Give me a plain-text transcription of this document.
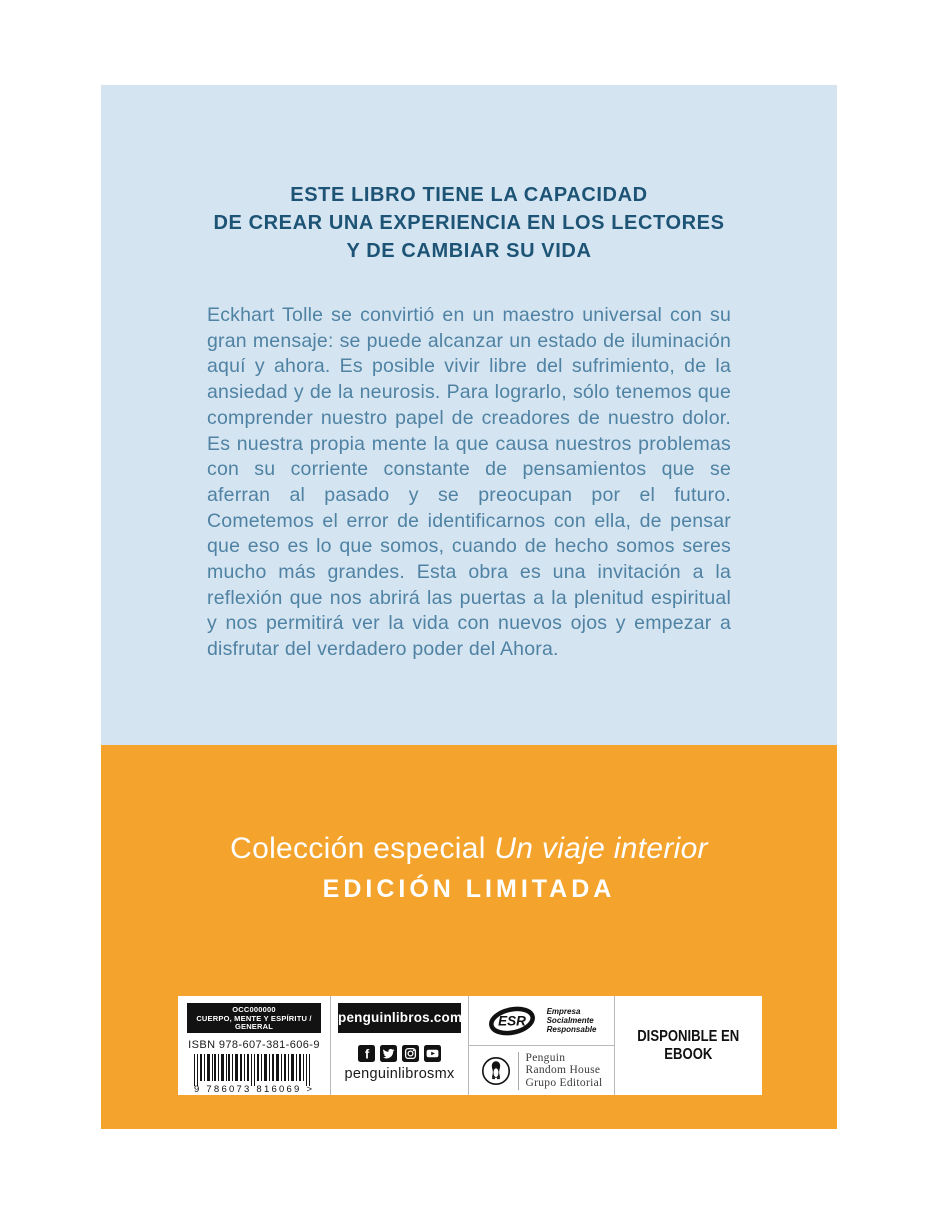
ESTE LIBRO TIENE LA CAPACIDAD
DE CREAR UNA EXPERIENCIA EN LOS LECTORES
Y DE CAMBIAR SU VIDA

Eckhart Tolle se convirtió en un maestro universal con su gran mensaje: se puede alcanzar un estado de iluminación aquí y ahora. Es posible vivir libre del sufrimiento, de la ansiedad y de la neurosis. Para lograrlo, sólo tenemos que comprender nuestro papel de creadores de nuestro dolor. Es nuestra propia mente la que causa nuestros problemas con su corriente constante de pensamientos que se aferran al pasado y se preocupan por el futuro. Cometemos el error de identificarnos con ella, de pensar que eso es lo que somos, cuando de hecho somos seres mucho más grandes. Esta obra es una invitación a la reflexión que nos abrirá las puertas a la plenitud espiritual y nos permitirá ver la vida con nuevos ojos y empezar a disfrutar del verdadero poder del Ahora.

Colección especial Un viaje interior
EDICIÓN LIMITADA
OCC000000
CUERPO, MENTE Y ESPÍRITU /
GENERAL
ISBN 978-607-381-606-9
9 786073 816069 >
penguinlibros.com
f
penguinlibrosmx
ESR
Empresa
Socialmente
Responsable
Penguin
Random House
Grupo Editorial
DISPONIBLE EN
EBOOK
